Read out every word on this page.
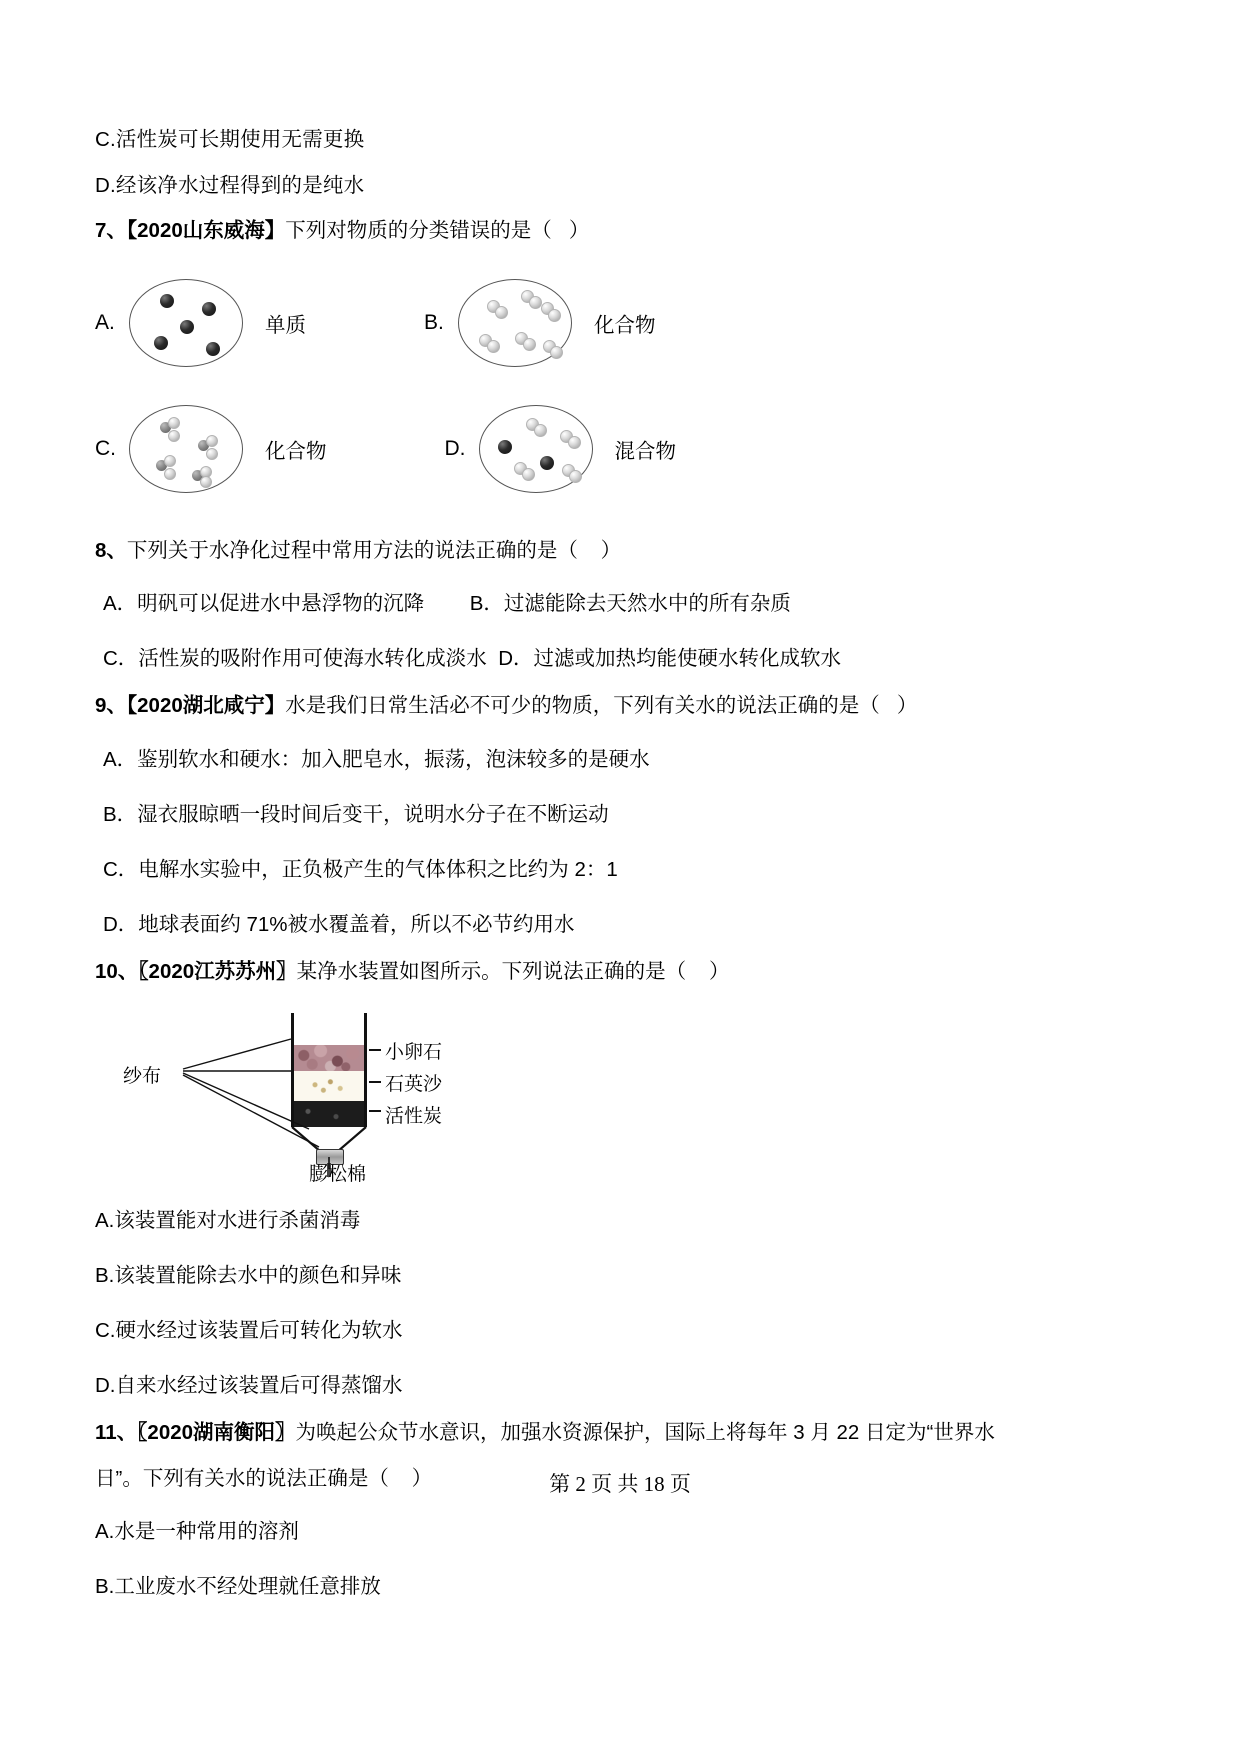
C.活性炭可长期使用无需更换
D.经该净水过程得到的是纯水
7、【2020山东威海】下列对物质的分类错误的是（   ）
A.	单质	B.	化合物
C.	化合物	D.	混合物
8、下列关于水净化过程中常用方法的说法正确的是（    ）
A．明矾可以促进水中悬浮物的沉降        B．过滤能除去天然水中的所有杂质
C．活性炭的吸附作用可使海水转化成淡水  D．过滤或加热均能使硬水转化成软水
9、【2020湖北咸宁】水是我们日常生活必不可少的物质，下列有关水的说法正确的是（   ）
A．鉴别软水和硬水：加入肥皂水，振荡，泡沫较多的是硬水
B．湿衣服晾晒一段时间后变干，说明水分子在不断运动
C．电解水实验中，正负极产生的气体体积之比约为 2：1
D．地球表面约 71%被水覆盖着，所以不必节约用水
10、〖2020江苏苏州〗某净水装置如图所示。下列说法正确的是（    ）
纱布
小卵石
石英沙
活性炭
膨松棉
A.该装置能对水进行杀菌消毒
B.该装置能除去水中的颜色和异味
C.硬水经过该装置后可转化为软水
D.自来水经过该装置后可得蒸馏水
11、〖2020湖南衡阳〗为唤起公众节水意识，加强水资源保护，国际上将每年 3 月 22 日定为“世界水
日”。下列有关水的说法正确是（    ）
A.水是一种常用的溶剂
B.工业废水不经处理就任意排放
第 2 页 共 18 页
